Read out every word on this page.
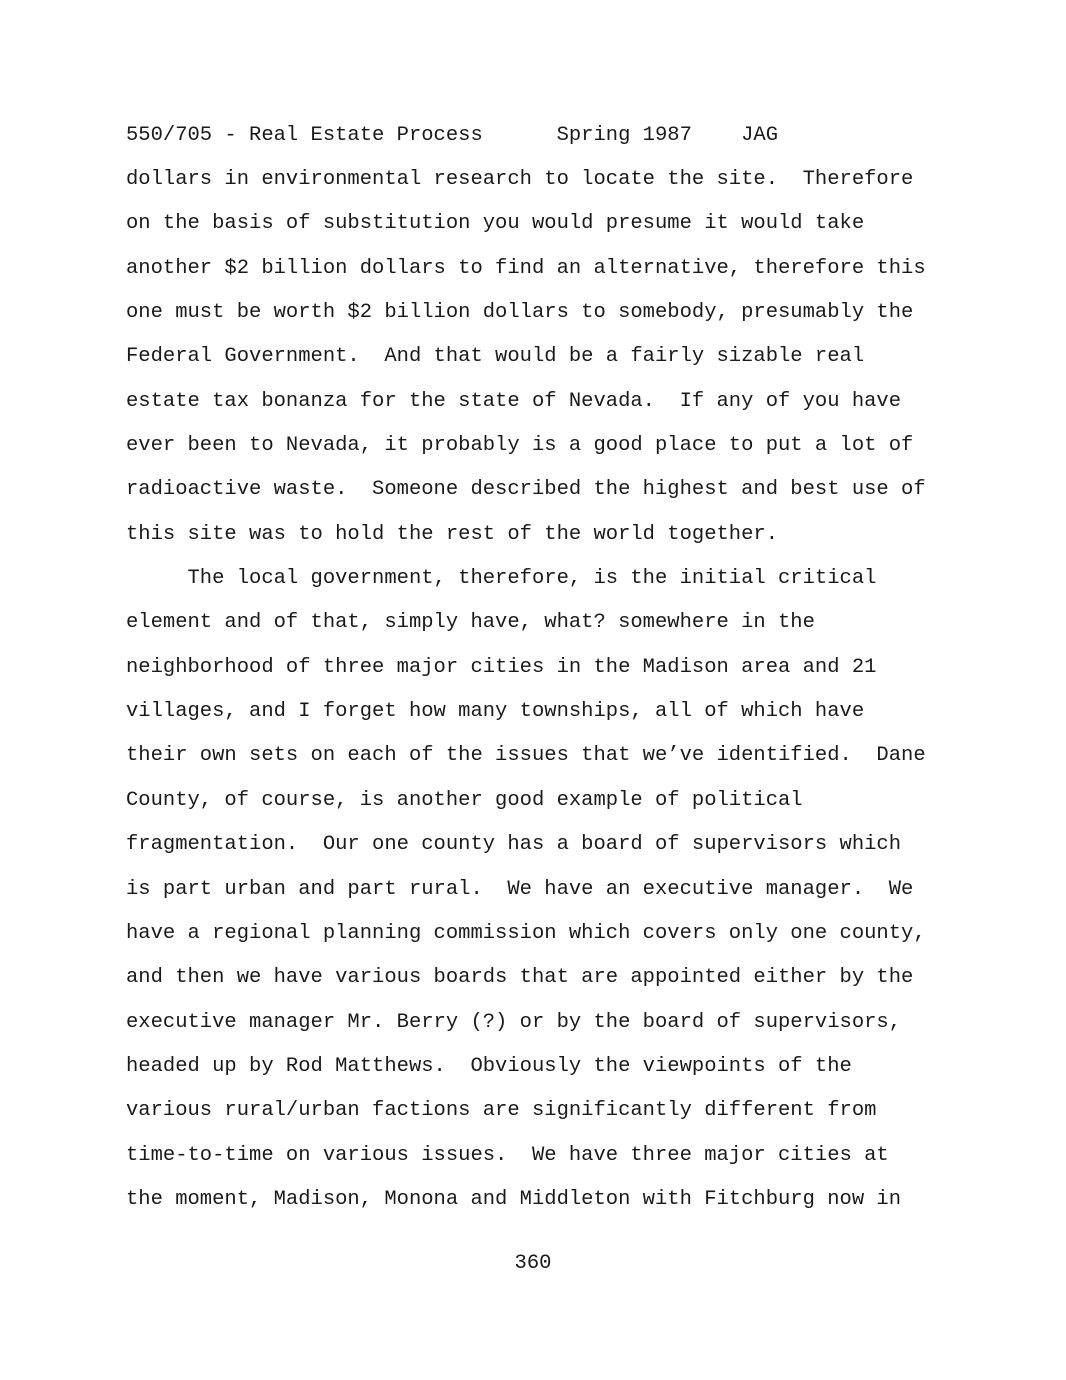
550/705 - Real Estate Process      Spring 1987    JAG
dollars in environmental research to locate the site.  Therefore
on the basis of substitution you would presume it would take
another $2 billion dollars to find an alternative, therefore this
one must be worth $2 billion dollars to somebody, presumably the
Federal Government.  And that would be a fairly sizable real
estate tax bonanza for the state of Nevada.  If any of you have
ever been to Nevada, it probably is a good place to put a lot of
radioactive waste.  Someone described the highest and best use of
this site was to hold the rest of the world together.
The local government, therefore, is the initial critical
element and of that, simply have, what? somewhere in the
neighborhood of three major cities in the Madison area and 21
villages, and I forget how many townships, all of which have
their own sets on each of the issues that we’ve identified.  Dane
County, of course, is another good example of political
fragmentation.  Our one county has a board of supervisors which
is part urban and part rural.  We have an executive manager.  We
have a regional planning commission which covers only one county,
and then we have various boards that are appointed either by the
executive manager Mr. Berry (?) or by the board of supervisors,
headed up by Rod Matthews.  Obviously the viewpoints of the
various rural/urban factions are significantly different from
time-to-time on various issues.  We have three major cities at
the moment, Madison, Monona and Middleton with Fitchburg now in
360
